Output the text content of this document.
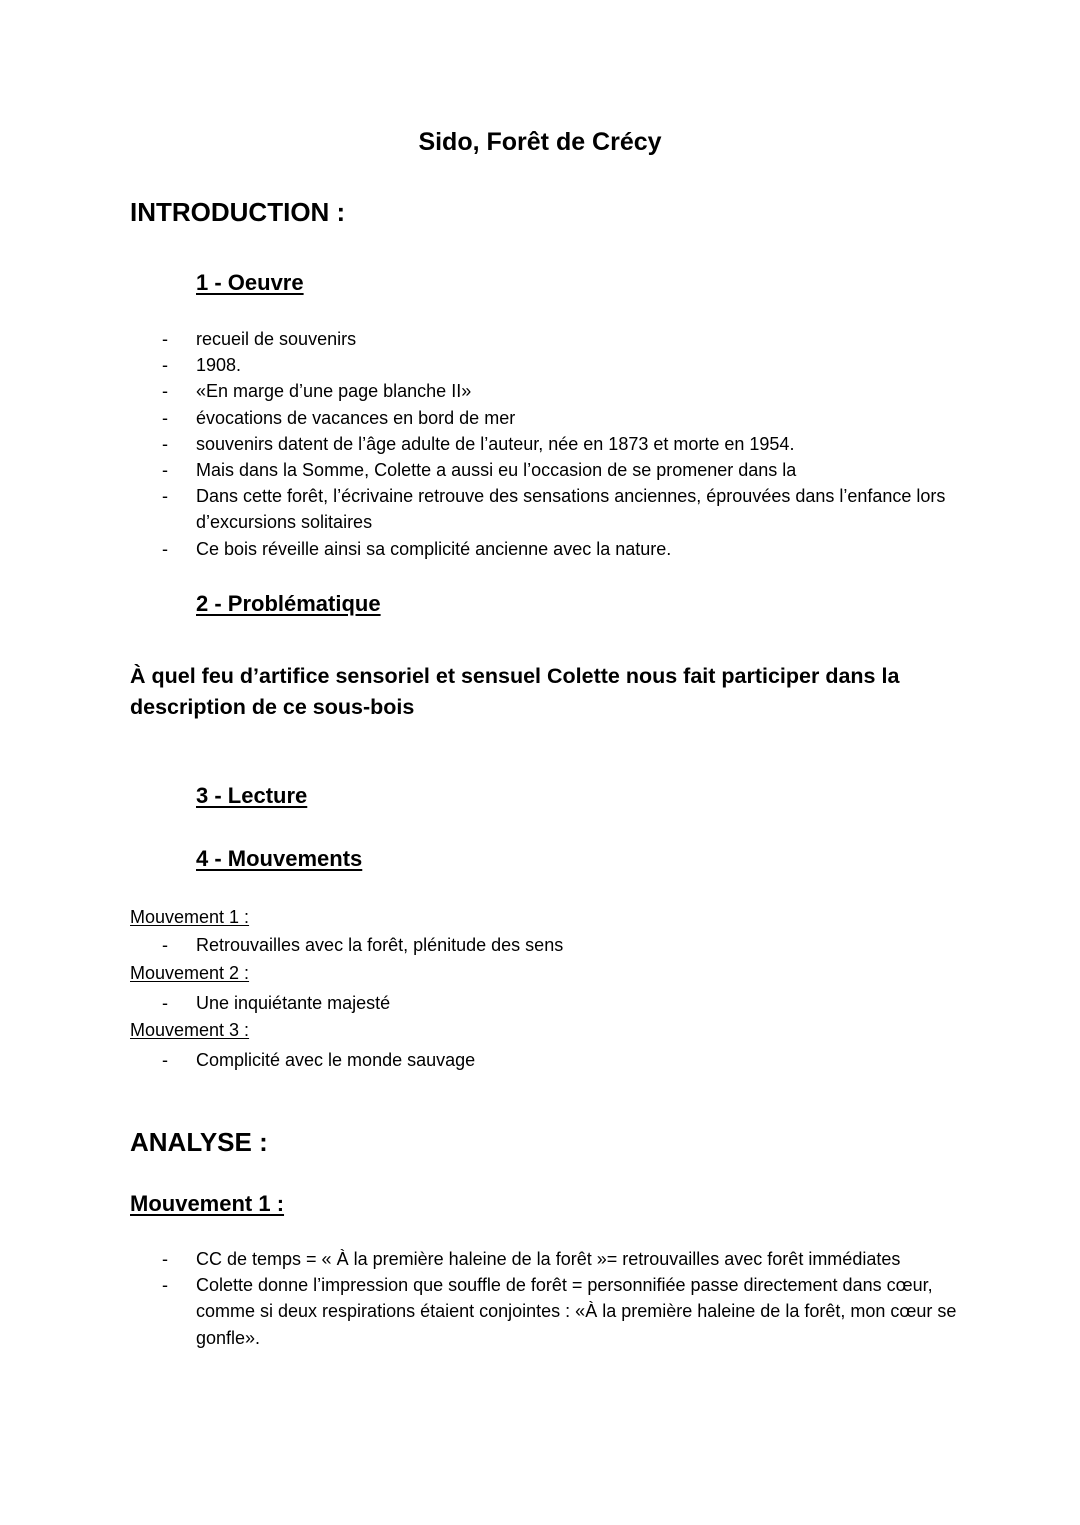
Sido, Forêt de Crécy
INTRODUCTION :
1 - Oeuvre
- recueil de souvenirs
- 1908.
- «En marge d’une page blanche II»
- évocations de vacances en bord de mer
- souvenirs datent de l’âge adulte de l’auteur, née en 1873 et morte en 1954.
- Mais dans la Somme, Colette a aussi eu l’occasion de se promener dans la
- Dans cette forêt, l’écrivaine retrouve des sensations anciennes, éprouvées dans l’enfance lors d’excursions solitaires
- Ce bois réveille ainsi sa complicité ancienne avec la nature.
2 - Problématique

À quel feu d’artifice sensoriel et sensuel Colette nous fait participer dans la description de ce sous-bois

3 - Lecture
4 - Mouvements
Mouvement 1 :
- Retrouvailles avec la forêt, plénitude des sens
Mouvement 2 :
- Une inquiétante majesté
Mouvement 3 :
- Complicité avec le monde sauvage
ANALYSE :
Mouvement 1 :
- CC de temps = « À la première haleine de la forêt »= retrouvailles avec forêt immédiates
- Colette donne l’impression que souffle de forêt = personnifiée passe directement dans cœur, comme si deux respirations étaient conjointes : «À la première haleine de la forêt, mon cœur se gonfle».
